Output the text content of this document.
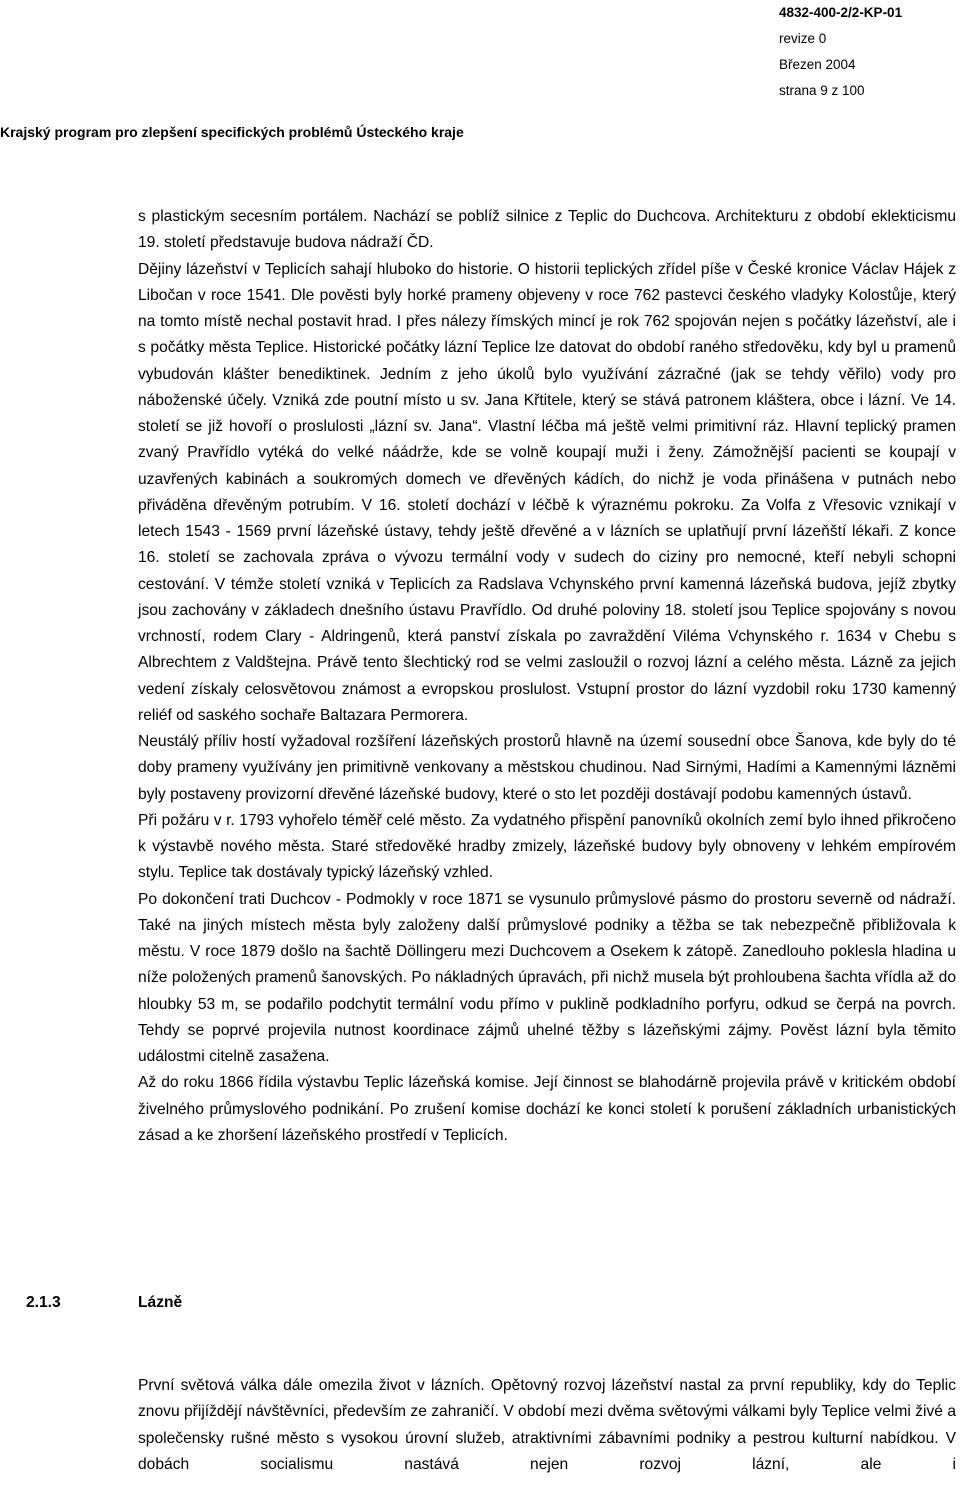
4832-400-2/2-KP-01
revize 0
Březen 2004
strana 9 z 100
Krajský program pro zlepšení specifických problémů Ústeckého kraje

s plastickým secesním portálem. Nachází se poblíž silnice z Teplic do Duchcova. Architekturu z období eklekticismu 19. století představuje budova nádraží ČD.

Dějiny lázeňství v Teplicích sahají hluboko do historie. O historii teplických zřídel píše v České kronice Václav Hájek z Libočan v roce 1541. Dle pověsti byly horké prameny objeveny v roce 762 pastevci českého vladyky Kolostůje, který na tomto místě nechal postavit hrad. I přes nálezy římských mincí je rok 762 spojován nejen s počátky lázeňství, ale i s počátky města Teplice. Historické počátky lázní Teplice lze datovat do období raného středověku, kdy byl u pramenů vybudován klášter benediktinek. Jedním z jeho úkolů bylo využívání zázračné (jak se tehdy věřilo) vody pro náboženské účely. Vzniká zde poutní místo u sv. Jana Křtitele, který se stává patronem kláštera, obce i lázní. Ve 14. století se již hovoří o proslulosti „lázní sv. Jana“. Vlastní léčba má ještě velmi primitivní ráz. Hlavní teplický pramen zvaný Pravřídlo vytéká do velké náádrže, kde se volně koupají muži i ženy. Zámožnější pacienti se koupají v uzavřených kabinách a soukromých domech ve dřevěných kádích, do nichž je voda přinášena v putnách nebo přiváděna dřevěným potrubím. V 16. století dochází v léčbě k výraznému pokroku. Za Volfa z Vřesovic vznikají v letech 1543 - 1569 první lázeňské ústavy, tehdy ještě dřevěné a v lázních se uplatňují první lázeňští lékaři. Z konce 16. století se zachovala zpráva o vývozu termální vody v sudech do ciziny pro nemocné, kteří nebyli schopni cestování. V témže století vzniká v Teplicích za Radslava Vchynského první kamenná lázeňská budova, jejíž zbytky jsou zachovány v základech dnešního ústavu Pravřídlo. Od druhé poloviny 18. století jsou Teplice spojovány s novou vrchností, rodem Clary - Aldringenů, která panství získala po zavraždění Viléma Vchynského r. 1634 v Chebu s Albrechtem z Valdštejna. Právě tento šlechtický rod se velmi zasloužil o rozvoj lázní a celého města. Lázně za jejich vedení získaly celosvětovou známost a evropskou proslulost. Vstupní prostor do lázní vyzdobil roku 1730 kamenný reliéf od saského sochaře Baltazara Permorera.

Neustálý příliv hostí vyžadoval rozšíření lázeňských prostorů hlavně na území sousední obce Šanova, kde byly do té doby prameny využívány jen primitivně venkovany a městskou chudinou. Nad Sirnými, Hadími a Kamennými lázněmi byly postaveny provizorní dřevěné lázeňské budovy, které o sto let později dostávají podobu kamenných ústavů.

Při požáru v r. 1793 vyhořelo téměř celé město. Za vydatného přispění panovníků okolních zemí bylo ihned přikročeno k výstavbě nového města. Staré středověké hradby zmizely, lázeňské budovy byly obnoveny v lehkém empírovém stylu. Teplice tak dostávaly typický lázeňský vzhled.

Po dokončení trati Duchcov - Podmokly v roce 1871 se vysunulo průmyslové pásmo do prostoru severně od nádraží. Také na jiných místech města byly založeny další průmyslové podniky a těžba se tak nebezpečně přibližovala k městu. V roce 1879 došlo na šachtě Döllingeru mezi Duchcovem a Osekem k zátopě. Zanedlouho poklesla hladina u níže položených pramenů šanovských. Po nákladných úpravách, při nichž musela být prohloubena šachta vřídla až do hloubky 53 m, se podařilo podchytit termální vodu přímo v puklině podkladního porfyru, odkud se čerpá na povrch. Tehdy se poprvé projevila nutnost koordinace zájmů uhelné těžby s lázeňskými zájmy. Pověst lázní byla těmito událostmi citelně zasažena.

Až do roku 1866 řídila výstavbu Teplic lázeňská komise. Její činnost se blahodárně projevila právě v kritickém období živelného průmyslového podnikání. Po zrušení komise dochází ke konci století k porušení základních urbanistických zásad a ke zhoršení lázeňského prostředí v Teplicích.

2.1.3	Lázně

První světová válka dále omezila život v lázních. Opětovný rozvoj lázeňství nastal za první republiky, kdy do Teplic znovu přijíždějí návštěvníci, především ze zahraničí. V období mezi dvěma světovými válkami byly Teplice velmi živé a společensky rušné město s vysokou úrovní služeb, atraktivními zábavními podniky a pestrou kulturní nabídkou. V dobách socialismu nastává nejen rozvoj lázní, ale i
